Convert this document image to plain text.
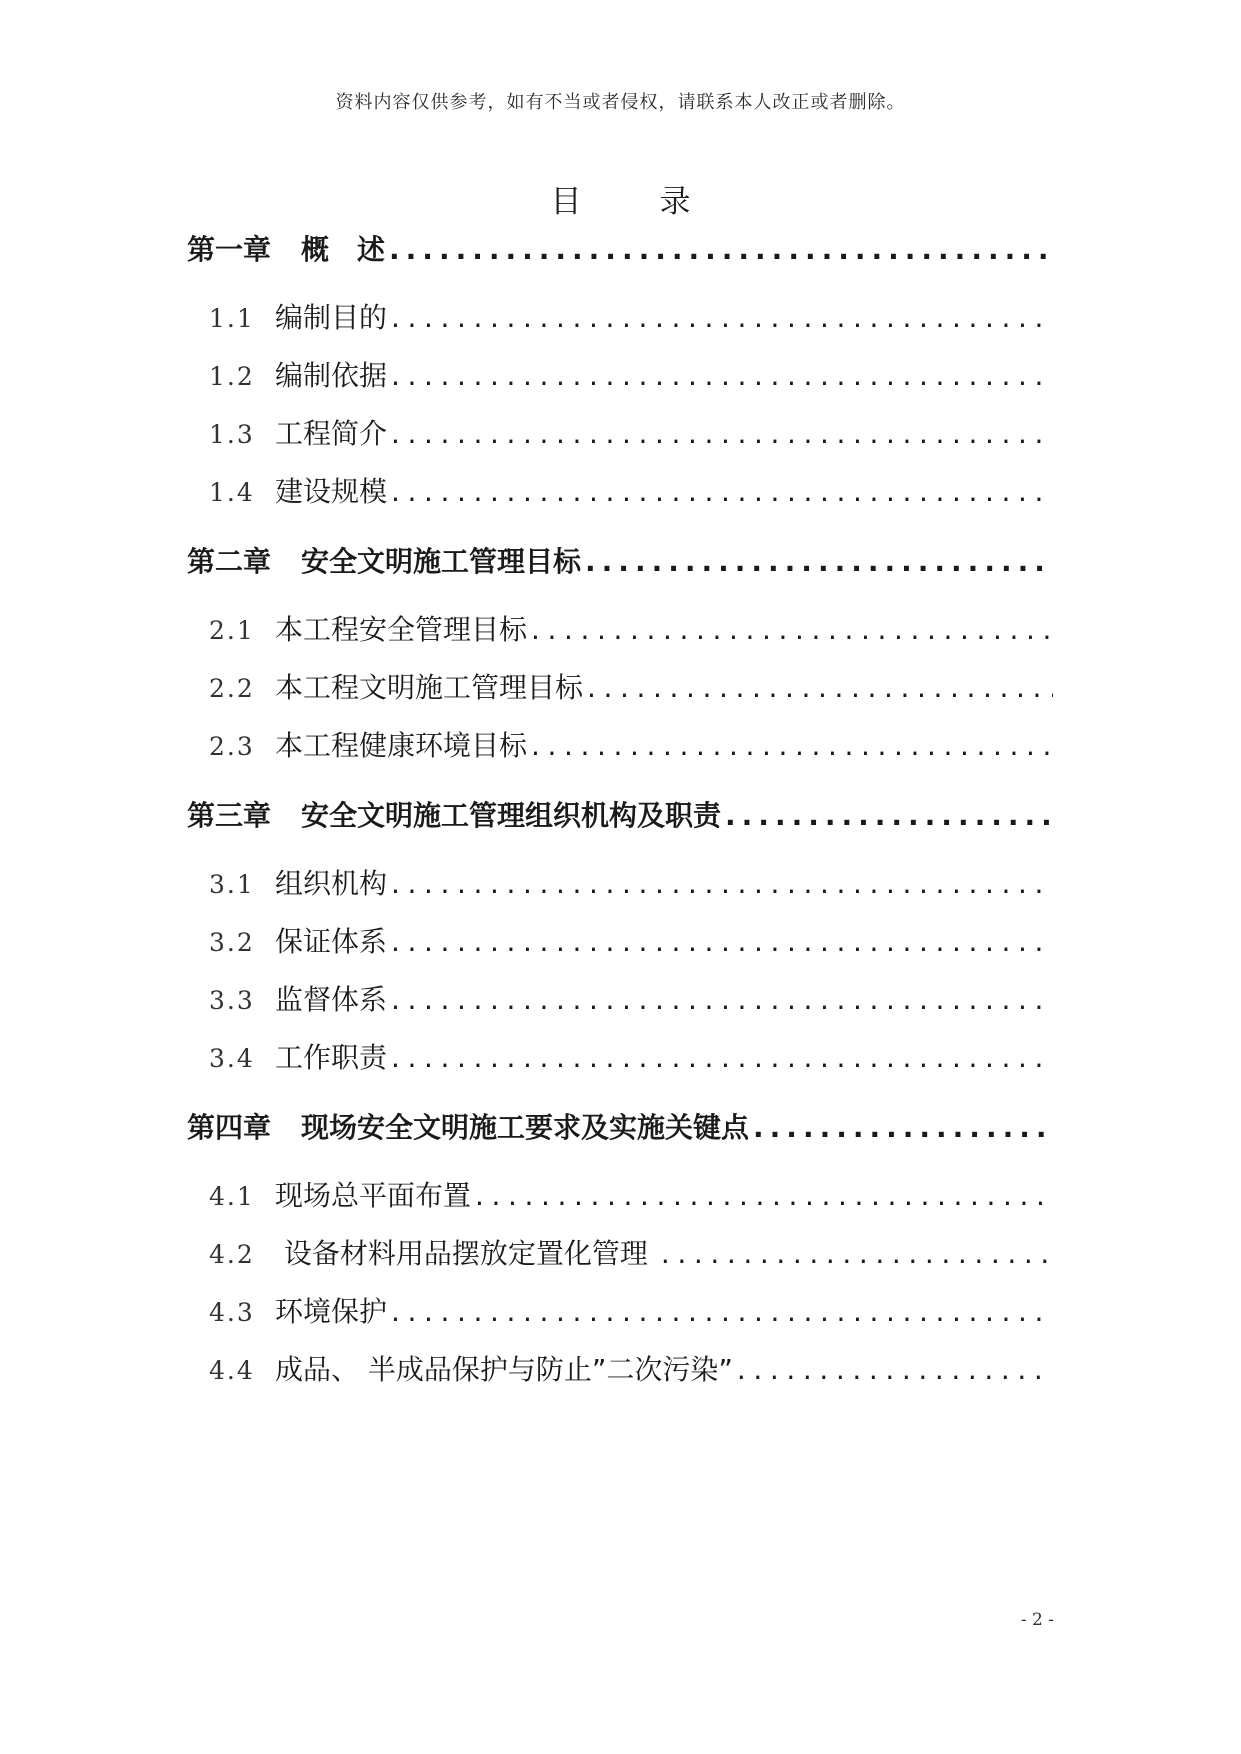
资料内容仅供参考，如有不当或者侵权，请联系本人改正或者删除。
目录
第一章 概　述
.....
1.1 编制目的
.....
1.2 编制依据
.....
1.3 工程简介
.....
1.4 建设规模
.....
第二章 安全文明施工管理目标
.....
2.1 本工程安全管理目标
.....
2.2 本工程文明施工管理目标
.....
2.3 本工程健康环境目标
.....
第三章 安全文明施工管理组织机构及职责
.....
3.1 组织机构
.....
3.2 保证体系
.....
3.3 监督体系
.....
3.4 工作职责
.....
第四章 现场安全文明施工要求及实施关键点
.....
4.1 现场总平面布置
.....
4.2 设备材料用品摆放定置化管理
.....
4.3 环境保护
.....
4.4 成品、 半成品保护与防止”二次污染”
.....
- 2 -
